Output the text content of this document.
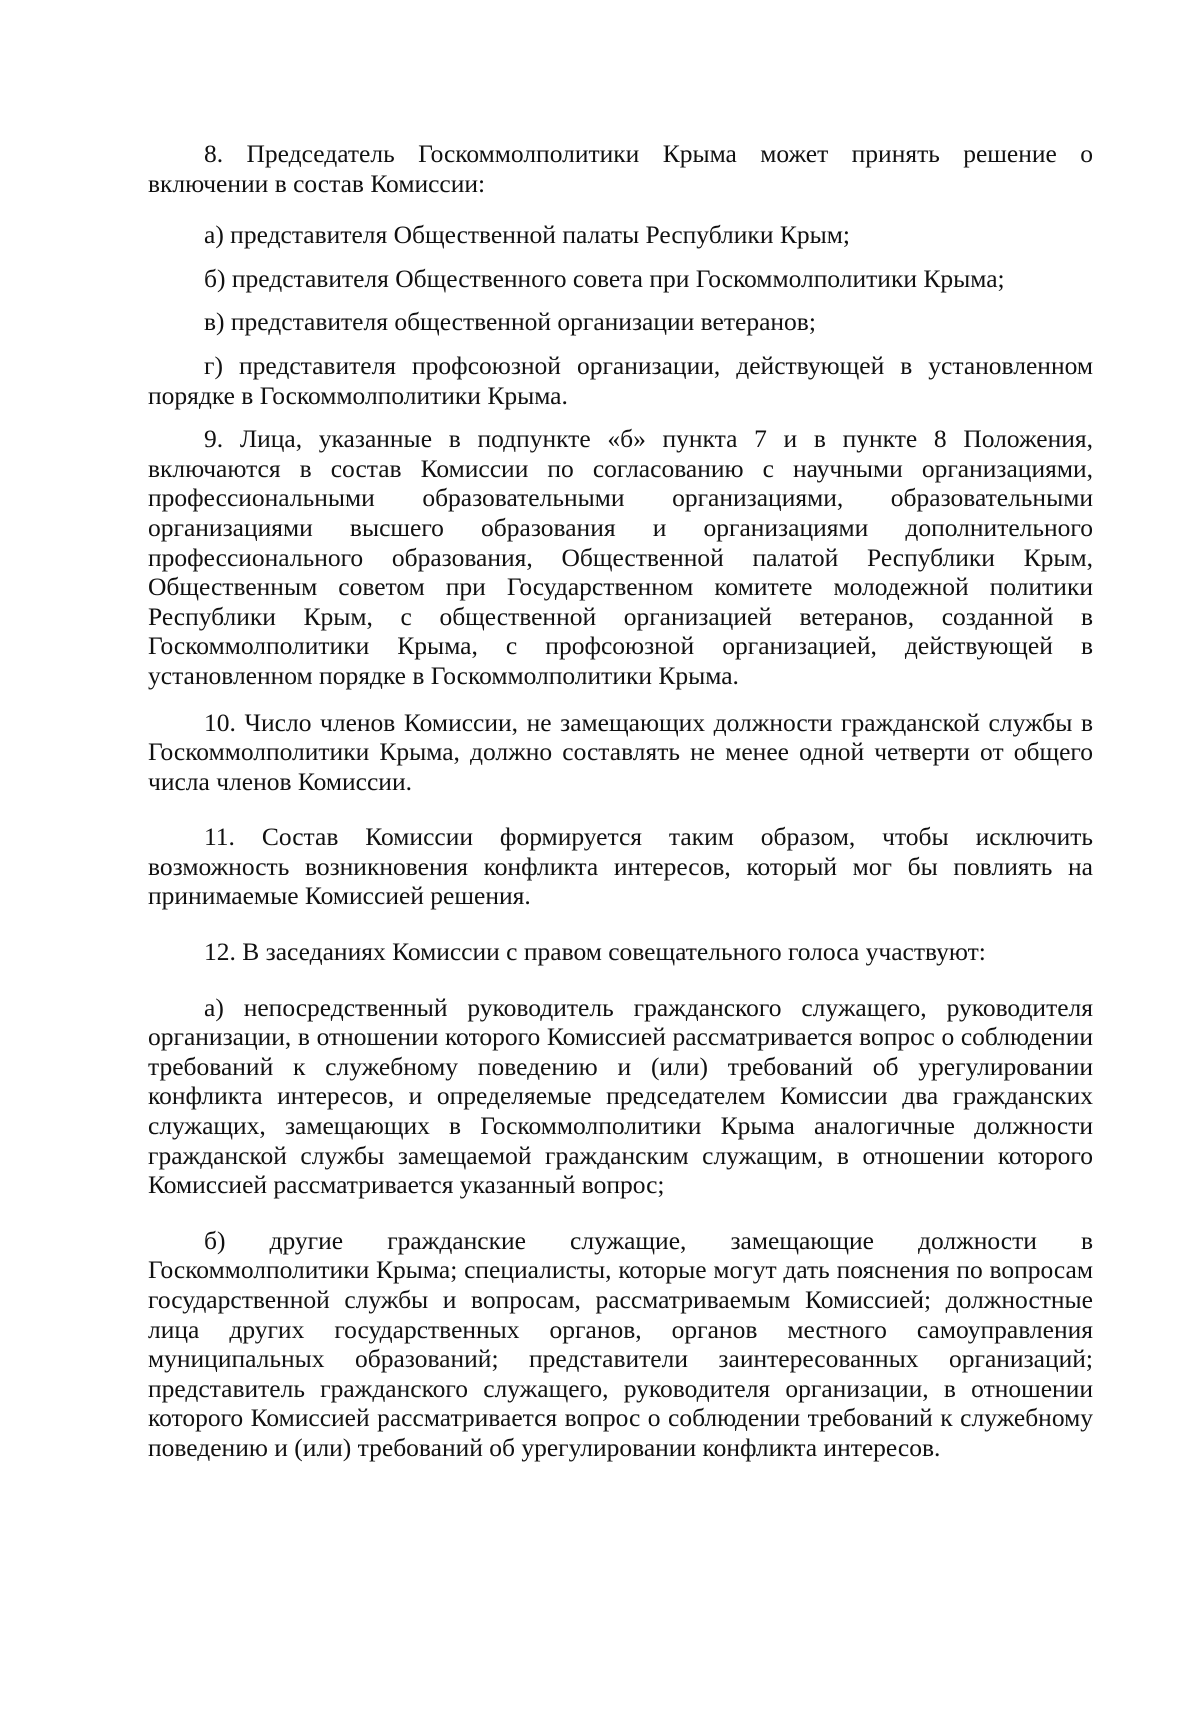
8. Председатель Госкоммолполитики Крыма может принять решение о включении в состав Комиссии:

а) представителя Общественной палаты Республики Крым;

б) представителя Общественного совета при Госкоммолполитики Крыма;

в) представителя общественной организации ветеранов;

г) представителя профсоюзной организации, действующей в установленном порядке в Госкоммолполитики Крыма.

9. Лица, указанные в подпункте «б» пункта 7 и в пункте 8 Положения, включаются в состав Комиссии по согласованию с научными организациями, профессиональными образовательными организациями, образовательными организациями высшего образования и организациями дополнительного профессионального образования, Общественной палатой Республики Крым, Общественным советом при Государственном комитете молодежной политики Республики Крым, с общественной организацией ветеранов, созданной в Госкоммолполитики Крыма, с профсоюзной организацией, действующей в установленном порядке в Госкоммолполитики Крыма.

10. Число членов Комиссии, не замещающих должности гражданской службы в Госкоммолполитики Крыма, должно составлять не менее одной четверти от общего числа членов Комиссии.

11. Состав Комиссии формируется таким образом, чтобы исключить возможность возникновения конфликта интересов, который мог бы повлиять на принимаемые Комиссией решения.

12. В заседаниях Комиссии с правом совещательного голоса участвуют:

а) непосредственный руководитель гражданского служащего, руководителя организации, в отношении которого Комиссией рассматривается вопрос о соблюдении требований к служебному поведению и (или) требований об урегулировании конфликта интересов, и определяемые председателем Комиссии два гражданских служащих, замещающих в Госкоммолполитики Крыма аналогичные должности гражданской службы замещаемой гражданским служащим, в отношении которого Комиссией рассматривается указанный вопрос;

б) другие гражданские служащие, замещающие должности в Госкоммолполитики Крыма; специалисты, которые могут дать пояснения по вопросам государственной службы и вопросам, рассматриваемым Комиссией; должностные лица других государственных органов, органов местного самоуправления муниципальных образований; представители заинтересованных организаций; представитель гражданского служащего, руководителя организации, в отношении которого Комиссией рассматривается вопрос о соблюдении требований к служебному поведению и (или) требований об урегулировании конфликта интересов.
